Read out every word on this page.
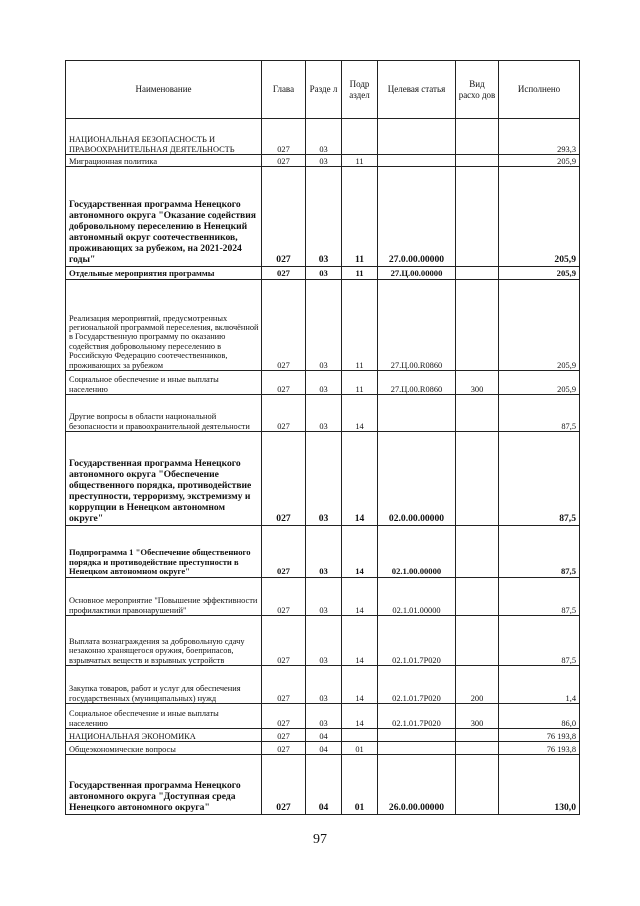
Наименование	Глава	Разде л	Подр аздел	Целевая статья	Вид расхо дов	Исполнено
НАЦИОНАЛЬНАЯ БЕЗОПАСНОСТЬ И ПРАВООХРАНИТЕЛЬНАЯ ДЕЯТЕЛЬНОСТЬ	027	03				293,3
Миграционная политика	027	03	11			205,9
Государственная программа Ненецкого автономного округа "Оказание содействия добровольному переселению в Ненецкий автономный округ соотечественников, проживающих за рубежом, на 2021-2024 годы"	027	03	11	27.0.00.00000		205,9
Отдельные мероприятия программы	027	03	11	27.Ц.00.00000		205,9
Реализация мероприятий, предусмотренных региональной программой переселения, включённой в Государственную программу по оказанию содействия добровольному переселению в Российскую Федерацию соотечественников, проживающих за рубежом	027	03	11	27.Ц.00.R0860		205,9
Социальное обеспечение и иные выплаты населению	027	03	11	27.Ц.00.R0860	300	205,9
Другие вопросы в области национальной безопасности и правоохранительной деятельности	027	03	14			87,5
Государственная программа Ненецкого автономного округа "Обеспечение общественного порядка, противодействие преступности, терроризму, экстремизму и коррупции в Ненецком автономном округе"	027	03	14	02.0.00.00000		87,5
Подпрограмма 1 "Обеспечение общественного порядка и противодействие преступности в Ненецком автономном округе"	027	03	14	02.1.00.00000		87,5
Основное мероприятие "Повышение эффективности профилактики правонарушений"	027	03	14	02.1.01.00000		87,5
Выплата вознаграждения за добровольную сдачу незаконно хранящегося оружия, боеприпасов, взрывчатых веществ и взрывных устройств	027	03	14	02.1.01.7Р020		87,5
Закупка товаров, работ и услуг для обеспечения государственных (муниципальных) нужд	027	03	14	02.1.01.7Р020	200	1,4
Социальное обеспечение и иные выплаты населению	027	03	14	02.1.01.7Р020	300	86,0
НАЦИОНАЛЬНАЯ ЭКОНОМИКА	027	04				76 193,8
Общеэкономические вопросы	027	04	01			76 193,8
Государственная программа Ненецкого автономного округа "Доступная среда Ненецкого автономного округа"	027	04	01	26.0.00.00000		130,0
97
